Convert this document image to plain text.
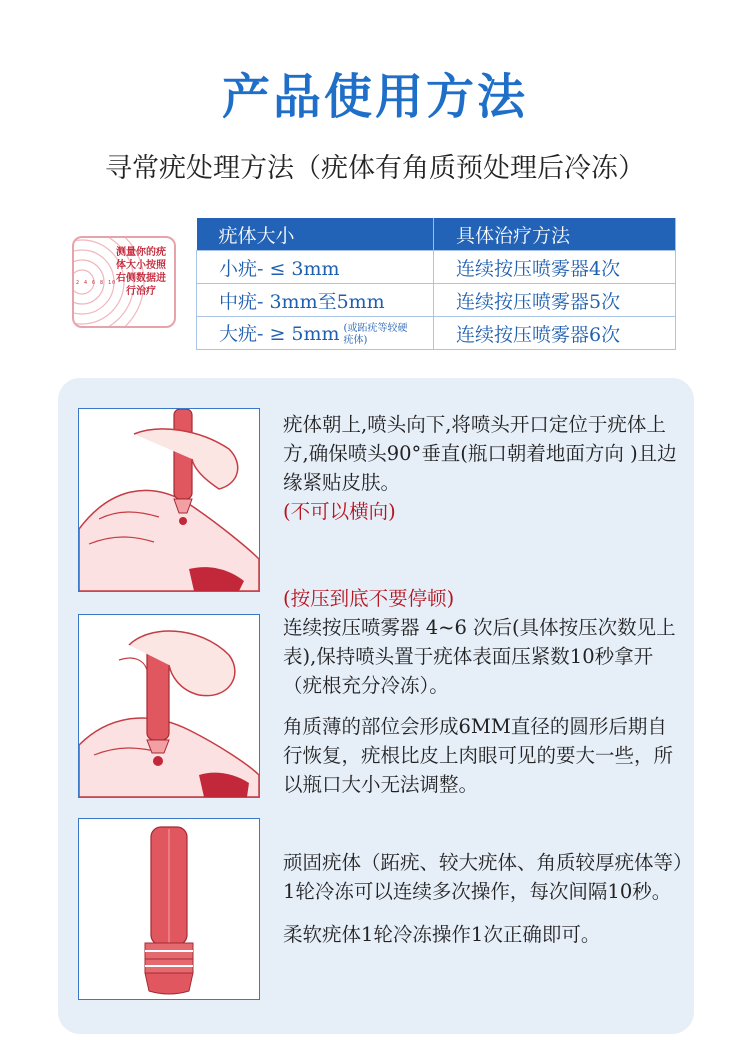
产品使用方法
寻常疣处理方法（疣体有角质预处理后冷冻）
2 4 6 8 10
测量你的疣体大小按照右侧数据进行治疗
疣体大小	具体治疗方法
小疣- ≤ 3mm	连续按压喷雾器4次
中疣- 3mm至5mm	连续按压喷雾器5次
大疣- ≥ 5mm (或跖疣等较硬疣体)	连续按压喷雾器6次
疣体朝上,喷头向下,将喷头开口定位于疣体上方,确保喷头90°垂直(瓶口朝着地面方向 )且边缘紧贴皮肤。
(不可以横向)
(按压到底不要停顿)
连续按压喷雾器 4~6 次后(具体按压次数见上表),保持喷头置于疣体表面压紧数10秒拿开（疣根充分冷冻）。
角质薄的部位会形成6MM直径的圆形后期自行恢复，疣根比皮上肉眼可见的要大一些，所以瓶口大小无法调整。
顽固疣体（跖疣、较大疣体、角质较厚疣体等）1轮冷冻可以连续多次操作，每次间隔10秒。
柔软疣体1轮冷冻操作1次正确即可。
